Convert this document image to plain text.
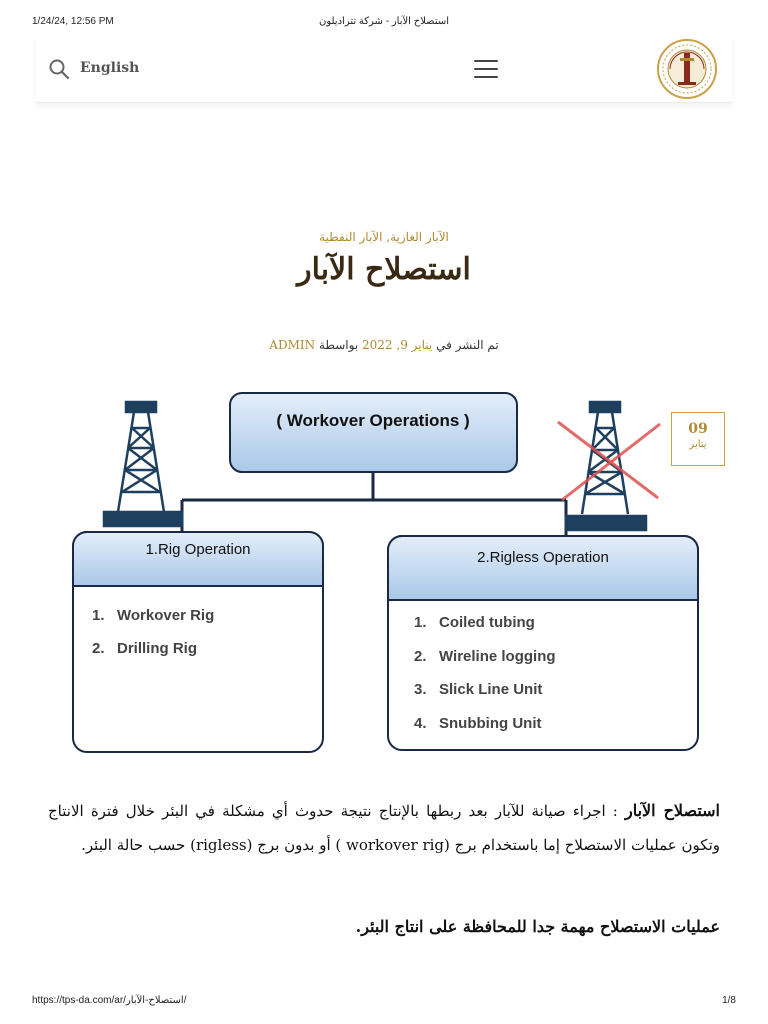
1/24/24, 12:56 PM	استصلاح الآبار - شركة تتراديلون
English
الآبار الغازية, الآبار النفطية
استصلاح الآبار
تم النشر في يناير 9, 2022 بواسطة ADMIN
( Workover Operations )
1.Rig Operation
1.   Workover Rig
2.   Drilling Rig
2.Rigless Operation
1.   Coiled tubing
2.   Wireline logging
3.   Slick Line Unit
4.   Snubbing Unit
09
يناير

استصلاح الآبار : اجراء صيانة للآبار بعد ربطها بالإنتاج نتيجة حدوث أي مشكلة في البئر خلال فترة الانتاج وتكون عمليات الاستصلاح إما باستخدام برج (workover rig ) أو بدون برج (rigless) حسب حالة البئر.

عمليات الاستصلاح مهمة جدا للمحافظة على انتاج البئر.

https://tps-da.com/ar/استصلاح-الآبار/	1/8
